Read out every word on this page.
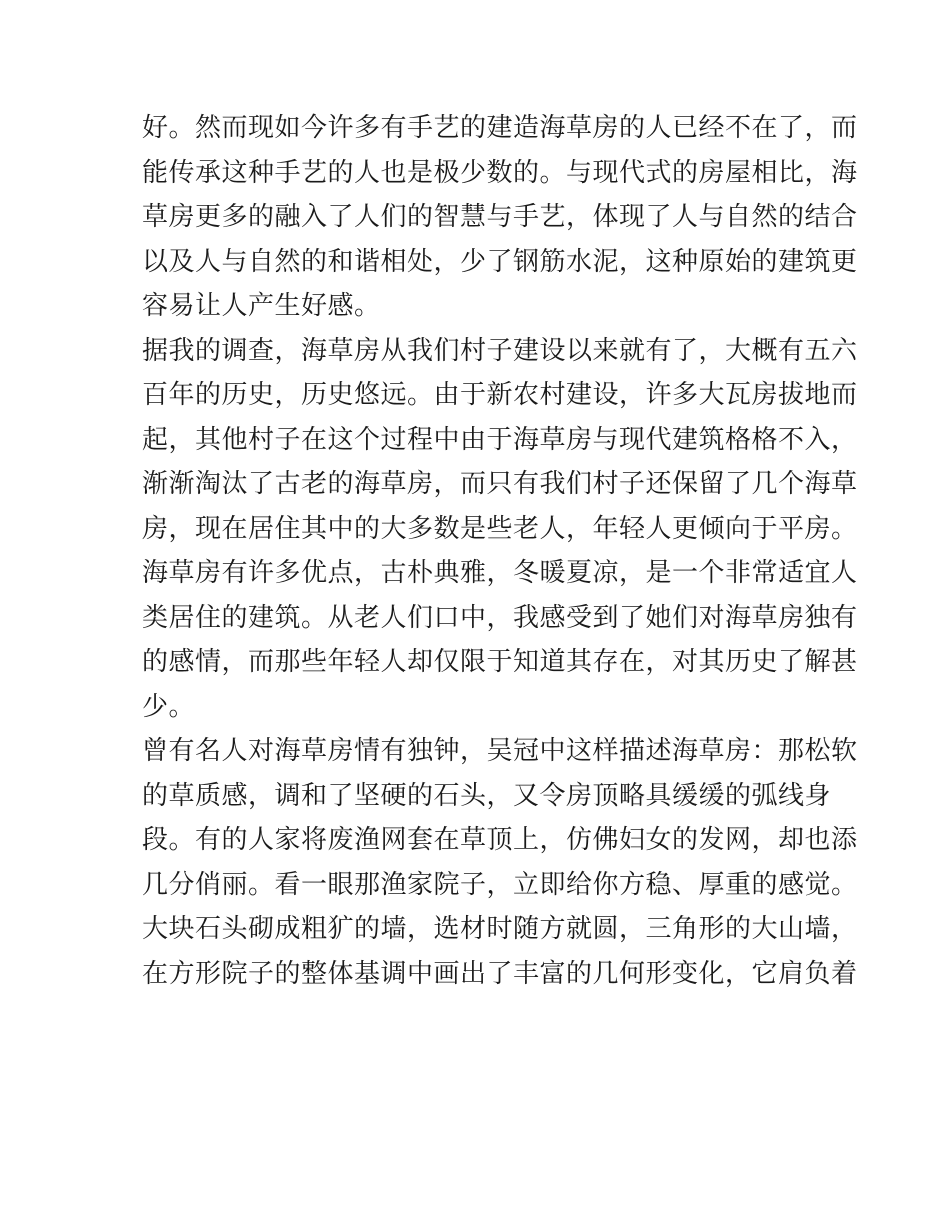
好。然而现如今许多有手艺的建造海草房的人已经不在了，而
能传承这种手艺的人也是极少数的。与现代式的房屋相比，海
草房更多的融入了人们的智慧与手艺，体现了人与自然的结合
以及人与自然的和谐相处，少了钢筋水泥，这种原始的建筑更
容易让人产生好感。
据我的调查，海草房从我们村子建设以来就有了，大概有五六
百年的历史，历史悠远。由于新农村建设，许多大瓦房拔地而
起，其他村子在这个过程中由于海草房与现代建筑格格不入，
渐渐淘汰了古老的海草房，而只有我们村子还保留了几个海草
房，现在居住其中的大多数是些老人，年轻人更倾向于平房。
海草房有许多优点，古朴典雅，冬暖夏凉，是一个非常适宜人
类居住的建筑。从老人们口中，我感受到了她们对海草房独有
的感情，而那些年轻人却仅限于知道其存在，对其历史了解甚
少。
曾有名人对海草房情有独钟，吴冠中这样描述海草房：那松软
的草质感，调和了坚硬的石头，又令房顶略具缓缓的弧线身
段。有的人家将废渔网套在草顶上，仿佛妇女的发网，却也添
几分俏丽。看一眼那渔家院子，立即给你方稳、厚重的感觉。
大块石头砌成粗犷的墙，选材时随方就圆，三角形的大山墙，
在方形院子的整体基调中画出了丰富的几何形变化，它肩负着
